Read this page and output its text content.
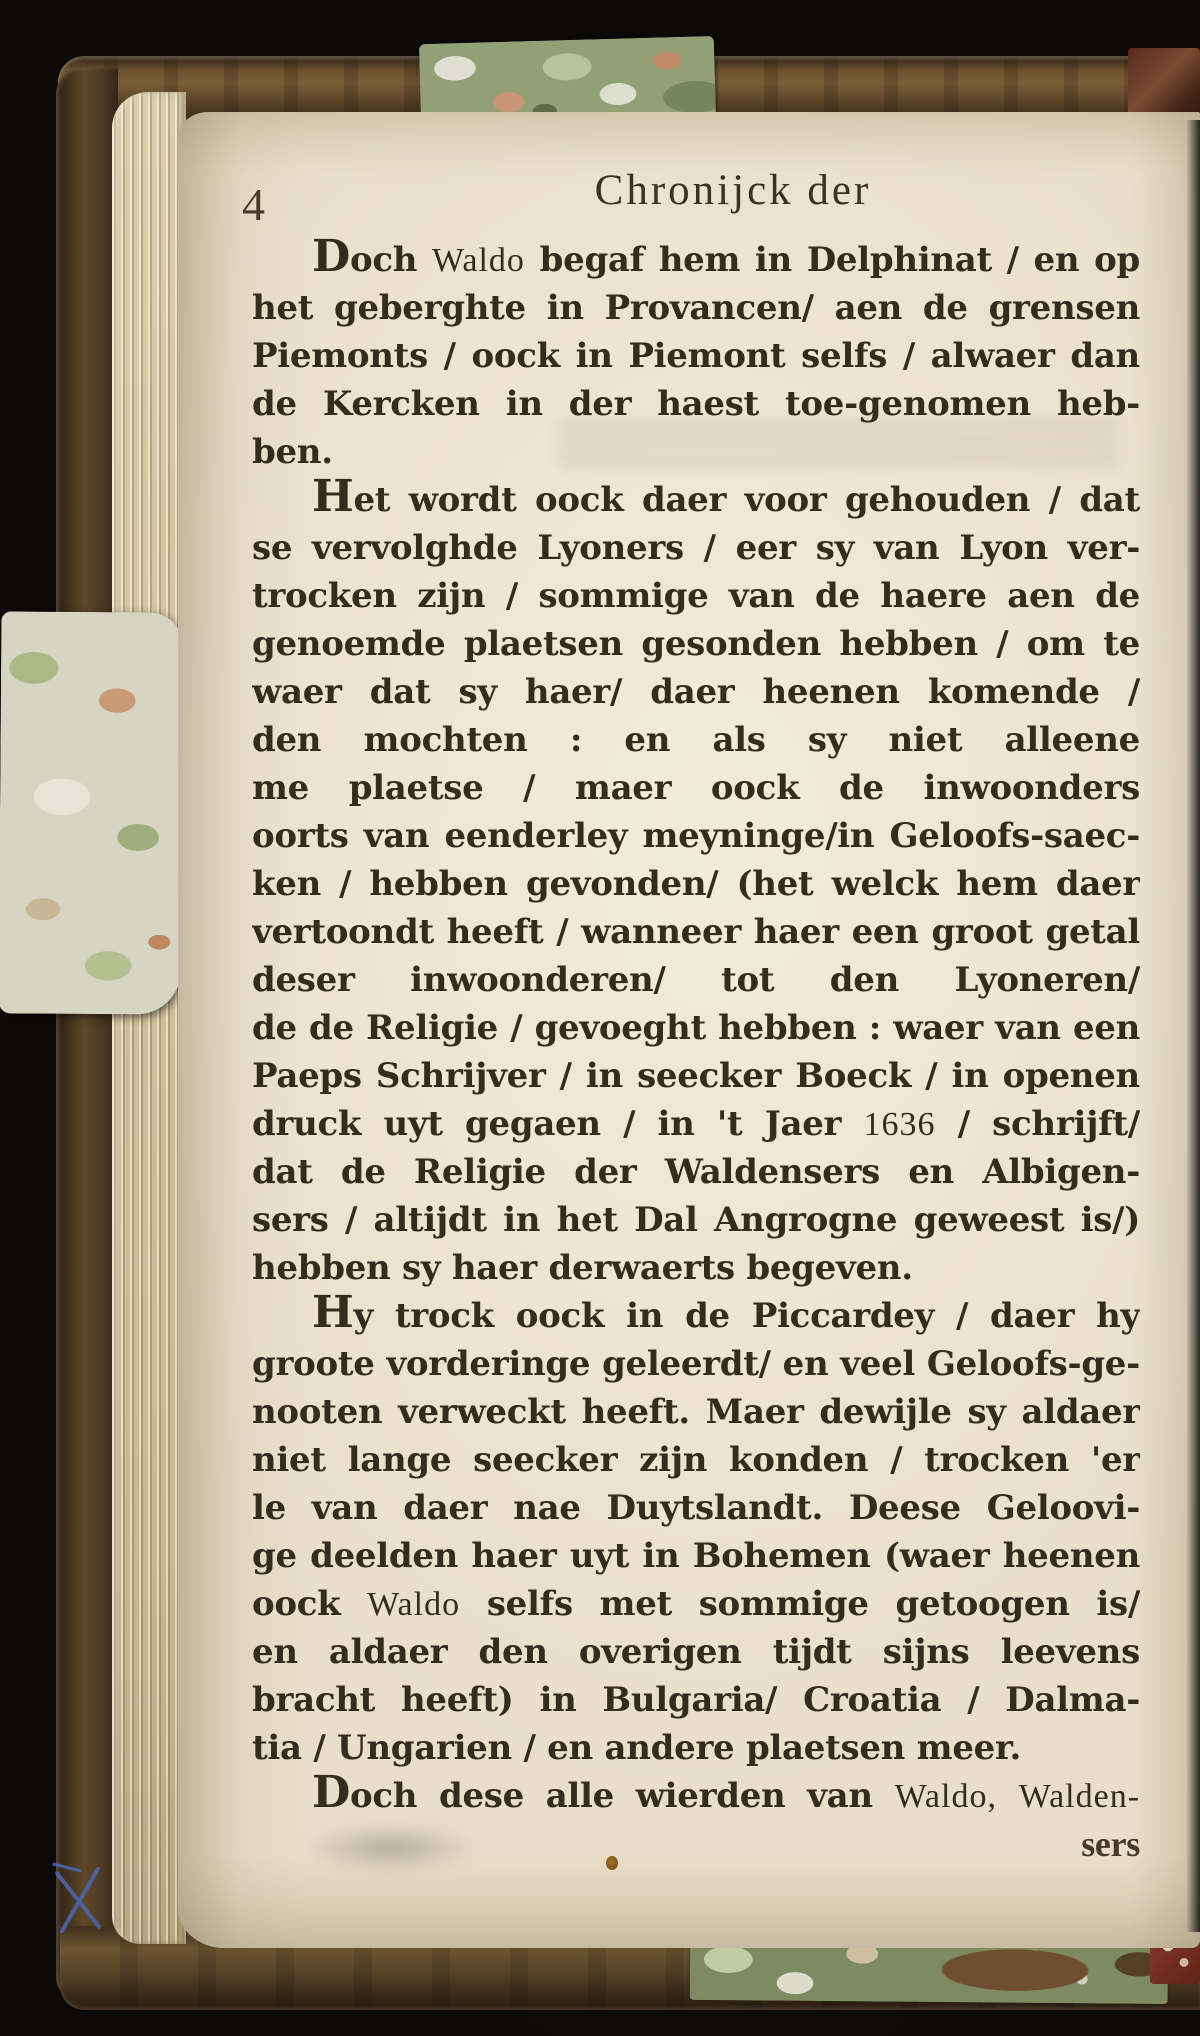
4	Chronijck der
Doch Waldo begaf hem in Delphinat / en op
het geberghte in Provancen/ aen de grensen
Piemonts / oock in Piemont selfs / alwaer dan
de Kercken in der haest toe-genomen heb-
ben.
Het wordt oock daer voor gehouden / dat
se vervolghde Lyoners / eer sy van Lyon ver-
trocken zijn / sommige van de haere aen de
genoemde plaetsen gesonden hebben / om te
waer dat sy haer/ daer heenen komende /
den mochten : en als sy niet alleene
me plaetse / maer oock de inwoonders
oorts van eenderley meyninge/in Geloofs-saec-
ken / hebben gevonden/ (het welck hem daer
vertoondt heeft / wanneer haer een groot getal
deser inwoonderen/ tot den Lyoneren/
de de Religie / gevoeght hebben : waer van een
Paeps Schrijver / in seecker Boeck / in openen
druck uyt gegaen / in 't Jaer 1636 / schrijft/
dat de Religie der Waldensers en Albigen-
sers / altijdt in het Dal Angrogne geweest is/)
hebben sy haer derwaerts begeven.
Hy trock oock in de Piccardey / daer hy
groote vorderinge geleerdt/ en veel Geloofs-ge-
nooten verweckt heeft. Maer dewijle sy aldaer
niet lange seecker zijn konden / trocken 'er
le van daer nae Duytslandt. Deese Geloovi-
ge deelden haer uyt in Bohemen (waer heenen
oock Waldo selfs met sommige getoogen is/
en aldaer den overigen tijdt sijns leevens
bracht heeft) in Bulgaria/ Croatia / Dalma-
tia / Ungarien / en andere plaetsen meer.
Doch dese alle wierden van Waldo, Walden-
sers
